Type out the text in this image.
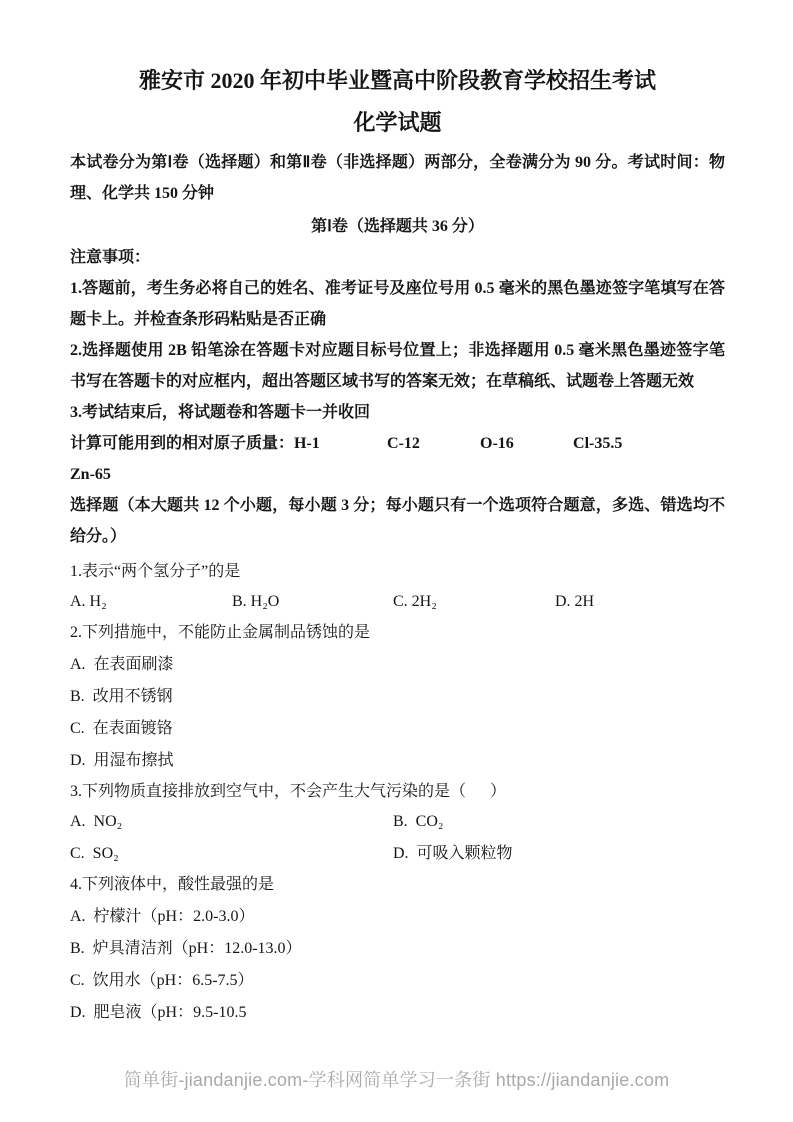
雅安市 2020 年初中毕业暨高中阶段教育学校招生考试
化学试题

本试卷分为第Ⅰ卷（选择题）和第Ⅱ卷（非选择题）两部分，全卷满分为 90 分。考试时间：物理、化学共 150 分钟

第Ⅰ卷（选择题共 36 分）

注意事项：

1.答题前，考生务必将自己的姓名、准考证号及座位号用 0.5 毫米的黑色墨迹签字笔填写在答题卡上。并检查条形码粘贴是否正确

2.选择题使用 2B 铅笔涂在答题卡对应题目标号位置上；非选择题用 0.5 毫米黑色墨迹签字笔书写在答题卡的对应框内，超出答题区域书写的答案无效；在草稿纸、试题卷上答题无效

3.考试结束后，将试题卷和答题卡一并收回

计算可能用到的相对原子质量：H-1	C-12	O-16	Cl-35.5

Zn-65

选择题（本大题共 12 个小题，每小题 3 分；每小题只有一个选项符合题意，多选、错选均不给分。）

1.表示“两个氢分子”的是

A. H₂	B. H₂O	C. 2H₂	D. 2H

2.下列措施中，不能防止金属制品锈蚀的是

A.  在表面刷漆
B.  改用不锈钢
C.  在表面镀铬
D.  用湿布擦拭

3.下列物质直接排放到空气中，不会产生大气污染的是（      ）

A.  NO₂	B.  CO₂
C.  SO₂	D.  可吸入颗粒物

4.下列液体中，酸性最强的是

A.  柠檬汁（pH：2.0-3.0）
B.  炉具清洁剂（pH：12.0-13.0）
C.  饮用水（pH：6.5-7.5）
D.  肥皂液（pH：9.5-10.5
简单街-jiandanjie.com-学科网简单学习一条街 https://jiandanjie.com
